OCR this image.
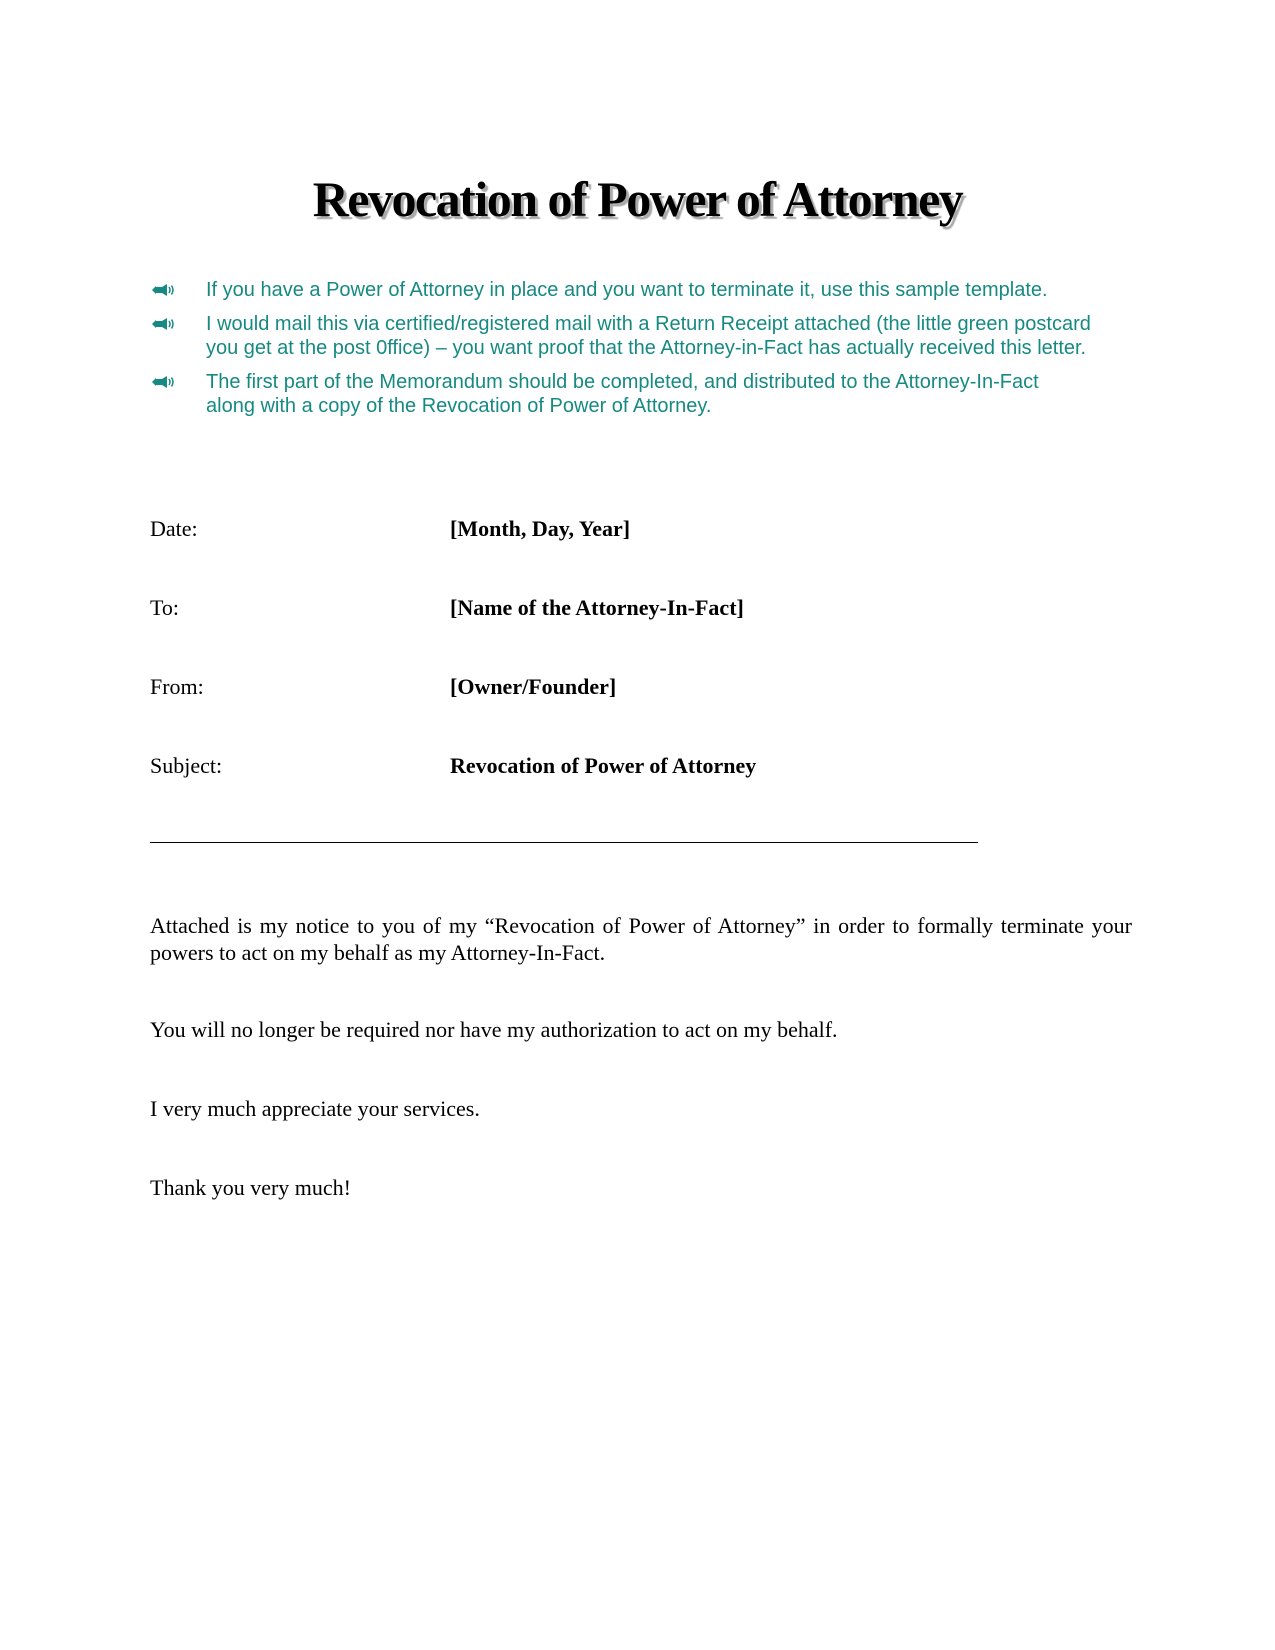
Revocation of Power of Attorney
If you have a Power of Attorney in place and you want to terminate it, use this sample template.
I would mail this via certified/registered mail with a Return Receipt attached (the little green postcard
you get at the post 0ffice) – you want proof that the Attorney-in-Fact has actually received this letter.
The first part of the Memorandum should be completed, and distributed to the Attorney-In-Fact
along with a copy of the Revocation of Power of Attorney.
Date:	[Month, Day, Year]
To:	[Name of the Attorney-In-Fact]
From:	[Owner/Founder]
Subject:	Revocation of Power of Attorney

Attached is my notice to you of my “Revocation of Power of Attorney” in order to formally terminate your powers to act on my behalf as my Attorney-In-Fact.

You will no longer be required nor have my authorization to act on my behalf.

I very much appreciate your services.

Thank you very much!
